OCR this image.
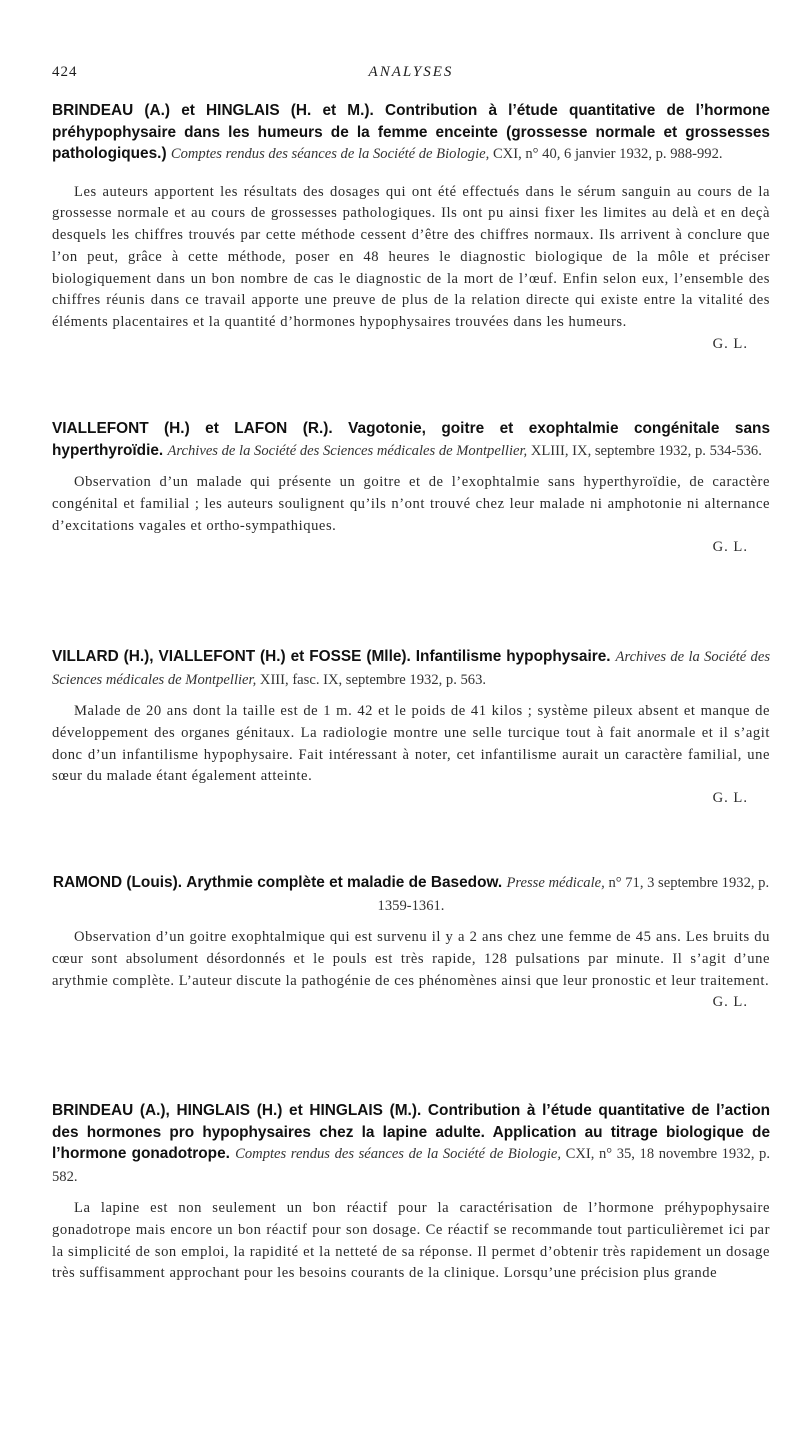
424	ANALYSES

BRINDEAU (A.) et HINGLAIS (H. et M.). Contribution à l’étude quantitative de l’hormone préhypophysaire dans les humeurs de la femme enceinte (grossesse normale et grossesses pathologiques.) Comptes rendus des séances de la Société de Biologie, CXI, n° 40, 6 janvier 1932, p. 988-992.

Les auteurs apportent les résultats des dosages qui ont été effectués dans le sérum sanguin au cours de la grossesse normale et au cours de grossesses pathologiques. Ils ont pu ainsi fixer les limites au delà et en deçà desquels les chiffres trouvés par cette méthode cessent d’être des chiffres normaux. Ils arrivent à conclure que l’on peut, grâce à cette méthode, poser en 48 heures le diagnostic biologique de la môle et préciser biologiquement dans un bon nombre de cas le diagnostic de la mort de l’œuf. Enfin selon eux, l’ensemble des chiffres réunis dans ce travail apporte une preuve de plus de la relation directe qui existe entre la vitalité des éléments placentaires et la quantité d’hormones hypophysaires trouvées dans les humeurs.

G. L.

VIALLEFONT (H.) et LAFON (R.). Vagotonie, goitre et exophtalmie congénitale sans hyperthyroïdie. Archives de la Société des Sciences médicales de Montpellier, XLIII, IX, septembre 1932, p. 534-536.

Observation d’un malade qui présente un goitre et de l’exophtalmie sans hyperthyroïdie, de caractère congénital et familial ; les auteurs soulignent qu’ils n’ont trouvé chez leur malade ni amphotonie ni alternance d’excitations vagales et ortho-sympathiques.

G. L.

VILLARD (H.), VIALLEFONT (H.) et FOSSE (Mlle). Infantilisme hypophysaire. Archives de la Société des Sciences médicales de Montpellier, XIII, fasc. IX, septembre 1932, p. 563.

Malade de 20 ans dont la taille est de 1 m. 42 et le poids de 41 kilos ; système pileux absent et manque de développement des organes génitaux. La radiologie montre une selle turcique tout à fait anormale et il s’agit donc d’un infantilisme hypophysaire. Fait intéressant à noter, cet infantilisme aurait un caractère familial, une sœur du malade étant également atteinte.

G. L.

RAMOND (Louis). Arythmie complète et maladie de Basedow. Presse médicale, n° 71, 3 septembre 1932, p. 1359-1361.

Observation d’un goitre exophtalmique qui est survenu il y a 2 ans chez une femme de 45 ans. Les bruits du cœur sont absolument désordonnés et le pouls est très rapide, 128 pulsations par minute. Il s’agit d’une arythmie complète. L’auteur discute la pathogénie de ces phénomènes ainsi que leur pronostic et leur traitement.

G. L.

BRINDEAU (A.), HINGLAIS (H.) et HINGLAIS (M.). Contribution à l’étude quantitative de l’action des hormones pro hypophysaires chez la lapine adulte. Application au titrage biologique de l’hormone gonadotrope. Comptes rendus des séances de la Société de Biologie, CXI, n° 35, 18 novembre 1932, p. 582.

La lapine est non seulement un bon réactif pour la caractérisation de l’hormone préhypophysaire gonadotrope mais encore un bon réactif pour son dosage. Ce réactif se recommande tout particulièremet ici par la simplicité de son emploi, la rapidité et la netteté de sa réponse. Il permet d’obtenir très rapidement un dosage très suffisamment approchant pour les besoins courants de la clinique. Lorsqu’une précision plus grande
